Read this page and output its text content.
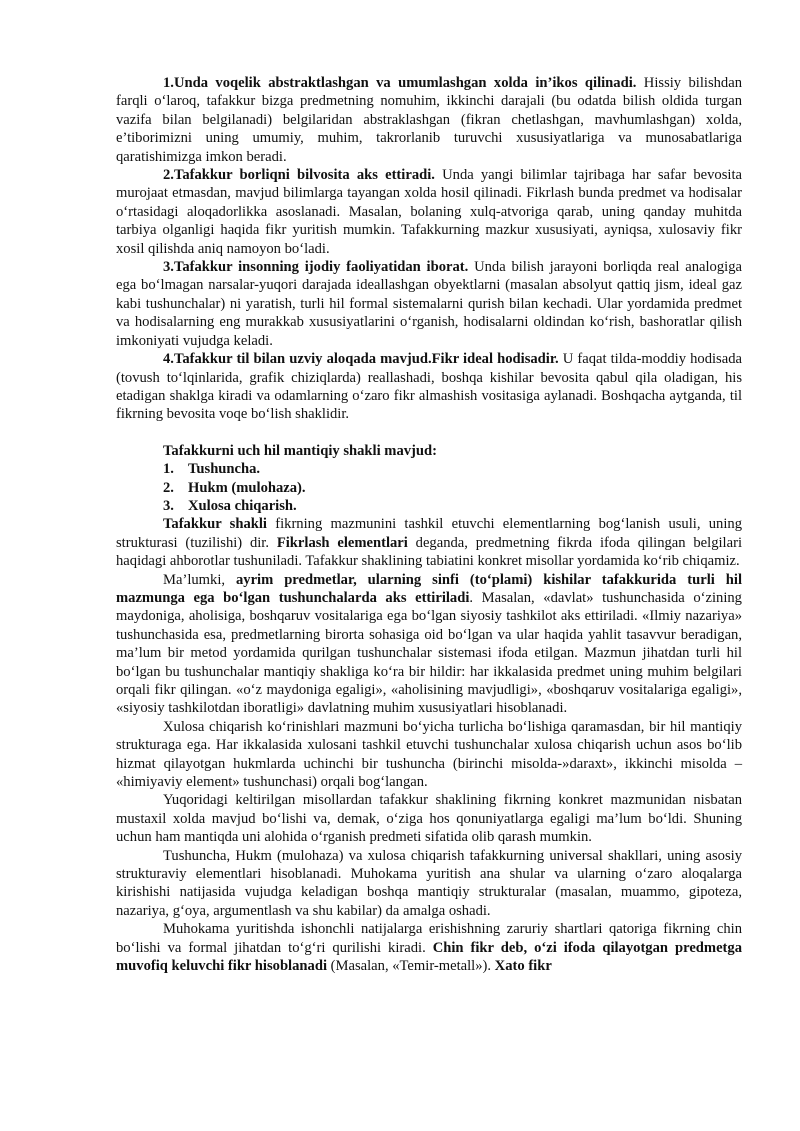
1.Unda voqelik abstraktlashgan va umumlashgan xolda in’ikos qilinadi. Hissiy bilishdan farqli o‘laroq, tafakkur bizga predmetning nomuhim, ikkinchi darajali (bu odatda bilish oldida turgan vazifa bilan belgilanadi) belgilaridan abstraklashgan (fikran chetlashgan, mavhumlashgan) xolda, e’tiborimizni uning umumiy, muhim, takrorlanib turuvchi xususiyatlariga va munosabatlariga qaratishimizga imkon beradi.

2.Tafakkur borliqni bilvosita aks ettiradi. Unda yangi bilimlar tajribaga har safar bevosita murojaat etmasdan, mavjud bilimlarga tayangan xolda hosil qilinadi. Fikrlash bunda predmet va hodisalar o‘rtasidagi aloqadorlikka asoslanadi. Masalan, bolaning xulq-atvoriga qarab, uning qanday muhitda tarbiya olganligi haqida fikr yuritish mumkin. Tafakkurning mazkur xususiyati, ayniqsa, xulosaviy fikr xosil qilishda aniq namoyon bo‘ladi.

3.Tafakkur insonning ijodiy faoliyatidan iborat. Unda bilish jarayoni borliqda real analogiga ega bo‘lmagan narsalar-yuqori darajada ideallashgan obyektlarni (masalan absolyut qattiq jism, ideal gaz kabi tushunchalar) ni yaratish, turli hil formal sistemalarni qurish bilan kechadi. Ular yordamida predmet va hodisalarning eng murakkab xususiyatlarini o‘rganish, hodisalarni oldindan ko‘rish, bashoratlar qilish imkoniyati vujudga keladi.

4.Tafakkur til bilan uzviy aloqada mavjud.Fikr ideal hodisadir. U faqat tilda-moddiy hodisada (tovush to‘lqinlarida, grafik chiziqlarda) reallashadi, boshqa kishilar bevosita qabul qila oladigan, his etadigan shaklga kiradi va odamlarning o‘zaro fikr almashish vositasiga aylanadi. Boshqacha aytganda, til fikrning bevosita voqe bo‘lish shaklidir.

Tafakkurni uch hil mantiqiy shakli mavjud:
1. Tushuncha.
2. Hukm (mulohaza).
3. Xulosa chiqarish.

Tafakkur shakli fikrning mazmunini tashkil etuvchi elementlarning bog‘lanish usuli, uning strukturasi (tuzilishi) dir. Fikrlash elementlari deganda, predmetning fikrda ifoda qilingan belgilari haqidagi ahborotlar tushuniladi. Tafakkur shaklining tabiatini konkret misollar yordamida ko‘rib chiqamiz.

Ma’lumki, ayrim predmetlar, ularning sinfi (to‘plami) kishilar tafakkurida turli hil mazmunga ega bo‘lgan tushunchalarda aks ettiriladi. Masalan, «davlat» tushunchasida o‘zining maydoniga, aholisiga, boshqaruv vositalariga ega bo‘lgan siyosiy tashkilot aks ettiriladi. «Ilmiy nazariya» tushunchasida esa, predmetlarning birorta sohasiga oid bo‘lgan va ular haqida yahlit tasavvur beradigan, ma’lum bir metod yordamida qurilgan tushunchalar sistemasi ifoda etilgan. Mazmun jihatdan turli hil bo‘lgan bu tushunchalar mantiqiy shakliga ko‘ra bir hildir: har ikkalasida predmet uning muhim belgilari orqali fikr qilingan. «o‘z maydoniga egaligi», «aholisining mavjudligi», «boshqaruv vositalariga egaligi», «siyosiy tashkilotdan iboratligi» davlatning muhim xususiyatlari hisoblanadi.

Xulosa chiqarish ko‘rinishlari mazmuni bo‘yicha turlicha bo‘lishiga qaramasdan, bir hil mantiqiy strukturaga ega. Har ikkalasida xulosani tashkil etuvchi tushunchalar xulosa chiqarish uchun asos bo‘lib hizmat qilayotgan hukmlarda uchinchi bir tushuncha (birinchi misolda-»daraxt», ikkinchi misolda – «himiyaviy element» tushunchasi) orqali bog‘langan.

Yuqoridagi keltirilgan misollardan tafakkur shaklining fikrning konkret mazmunidan nisbatan mustaxil xolda mavjud bo‘lishi va, demak, o‘ziga hos qonuniyatlarga egaligi ma’lum bo‘ldi. Shuning uchun ham mantiqda uni alohida o‘rganish predmeti sifatida olib qarash mumkin.

Tushuncha, Hukm (mulohaza) va xulosa chiqarish tafakkurning universal shakllari, uning asosiy strukturaviy elementlari hisoblanadi. Muhokama yuritish ana shular va ularning o‘zaro aloqalarga kirishishi natijasida vujudga keladigan boshqa mantiqiy strukturalar (masalan, muammo, gipoteza, nazariya, g‘oya, argumentlash va shu kabilar) da amalga oshadi.

Muhokama yuritishda ishonchli natijalarga erishishning zaruriy shartlari qatoriga fikrning chin bo‘lishi va formal jihatdan to‘g‘ri qurilishi kiradi. Chin fikr deb, o‘zi ifoda qilayotgan predmetga muvofiq keluvchi fikr hisoblanadi (Masalan, «Temir-metall»). Xato fikr
